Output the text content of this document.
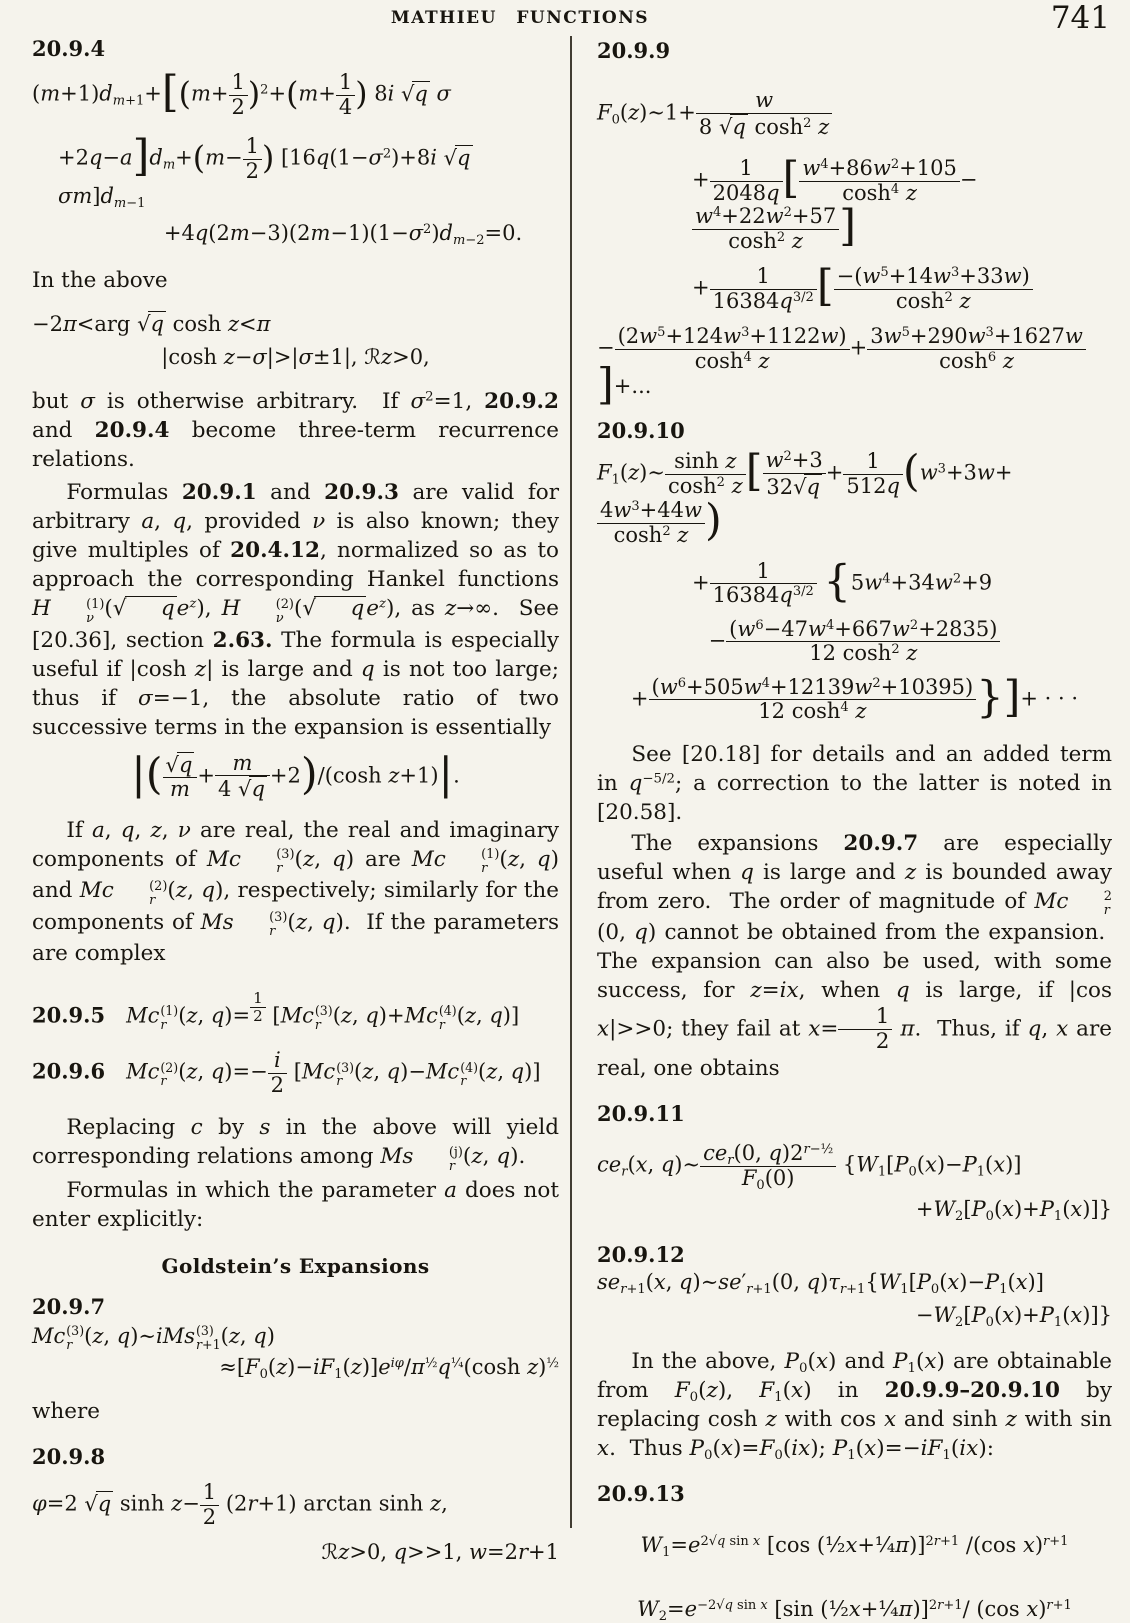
MATHIEU FUNCTIONS	741
20.9.4
$(m+1)d_{m+1}+[(m+ \frac{1}{2} )^2+(m+ \frac{1}{4}$ ) 8i √q σ
$+2q-a]d_m+(m- \frac{1}{2}$ ) [$16q(1-\sigma^2)+8i$ √q $\sigma m]d_{m-1}$
$+4q(2m-3)(2m-1)(1-\sigma^2)d_{m-2}=0$.
In the above
−2π<arg √q cosh z<π
|cosh z−σ|>|σ±1|, ℛz>0,
but σ is otherwise arbitrary.  If $\sigma^2=1$, 20.9.2 and 20.9.4 become three-term recurrence relations.
Formulas 20.9.1 and 20.9.3 are valid for arbitrary a, q, provided ν is also known; they give multiples of 20.4.12, normalized so as to approach the corresponding Hankel functions H	(1)
ν (√ $qe^z$), H	(2)
ν (√ $qe^z$), as z→∞.  See [20.36], section 2.63. The formula is especially useful if |cosh z| is large and q is not too large; thus if σ=−1, the absolute ratio of two successive terms in the expansion is essentially
|( $\frac{√q}{m} + \frac{m}{4 √q} +2)/(\cosh$ z+1)|.
If a, q, z, ν are real, the real and imaginary components of Mc	(3)
r (z, q) are Mc	(1)
r (z, q) and Mc	(2)
r (z, q), respectively; similarly for the components of Ms	(3)
r (z, q).  If the parameters are complex
20.9.5  Mc (1)
r (z, $q)= \frac{1}{2} [Mc$ (3)
r (z, q)+Mc (4)
r (z, q)]
20.9.6  Mc (2)
r (z, $q)=- \frac{i}{2} [Mc$ (3)
r (z, q)−Mc (4)
r (z, q)]
Replacing c by s in the above will yield corresponding relations among Ms	(j)
r (z, q).
Formulas in which the parameter a does not enter explicitly:
Goldstein’s Expansions
20.9.7
Mc (3)
r (z, q)∼iMs (3)
r+1 (z, q)
$\approx[F_0(z)-iF_1(z)]e^{i\varphi}/\pi^{\frac{1}{2}}q^{\frac{1}{4}}(\cosh$ z)$^{\frac{1}{2}}$
where
20.9.8
φ=2 √q $\sinh z- \frac{1}{2} (2r+1)$ arctan sinh z,
ℛz>0, q>>1, w=2r+1
20.9.9
$F_0(z)\sim 1+ \frac{w}{8 √q \cosh^2 z}$
+ $\frac{1}{2048q}$ [ $\frac{w^4+86w^2+105}{\cosh^4 z}$ −
$\frac{w^4+22w^2+57}{\cosh^2 z}$ ]
+ $\frac{1}{16384q^{3/2}}$ [ $\frac{-(w^5+14w^3+33w)}{\cosh^2 z}$
− $\frac{(2w^5+124w^3+1122w)}{\cosh^4 z} + \frac{3w^5+290w^3+1627w}{\cosh^6 z}$
]+...
20.9.10
$F_1(z)\sim \frac{\text{sinh z}}{\cosh^2 z}$ [ $\frac{w^2+3}{32√q} + \frac{1}{512q} (w^3+3w+$
$\frac{4w^3+44w}{\cosh^2 z}$ )
+ $\frac{1}{16384q^{3/2}} \{5w^4+34w^2+9$
− $\frac{(w^6-47w^4+667w^2+2835)}{12 \cosh^2 z}$
+ $\frac{(w^6+505w^4+12139w^2+10395)}{12 \cosh^4 z}$ }]+ · · ·
See [20.18] for details and an added term in $q^{-5/2}$; a correction to the latter is noted in [20.58].
The expansions 20.9.7 are especially useful when q is large and z is bounded away from zero.  The order of magnitude of Mc	2
r
(0, q) cannot be obtained from the expansion.  The expansion can also be used, with some success, for z=ix, when q is large, if |cos x|>>0; they fail at $x= \frac{1}{2} \pi$.  Thus, if q, x are real, one obtains
20.9.11
$ce_r(x$, q)∼ $ce_r(0$, $q)2^{r-\frac{1}{2}}$
$F_0(0)$
{$W_1[P_0(x)-P_1(x)]$
$+W_2[P_0(x)+P_1(x)]$}
20.9.12
$se_{r+1}(x$, $q)\sim se'_{r+1}(0$, $q)\tau_{r+1}\{W_1[P_0(x)-P_1(x)]$
$-W_2[P_0(x)+P_1(x)]$}
In the above, $P_0(x)$ and $P_1(x)$ are obtainable from $F_0(z)$, $F_1(x)$ in 20.9.9–20.9.10 by replacing cosh z with cos x and sinh z with sin x.  Thus $P_0(x)=F_0(ix)$; $P_1(x)=-iF_1(ix)$:
20.9.13
$W_1=e^{2√q sin x}$ [cos (½x+¼π)]$^{2r+1}$ /(cos x)$^{r+1}$
$W_2=e^{-2√q sin x}$ [sin (½x+¼π)]$^{2r+1}$/ (cos x)$^{r+1}$
